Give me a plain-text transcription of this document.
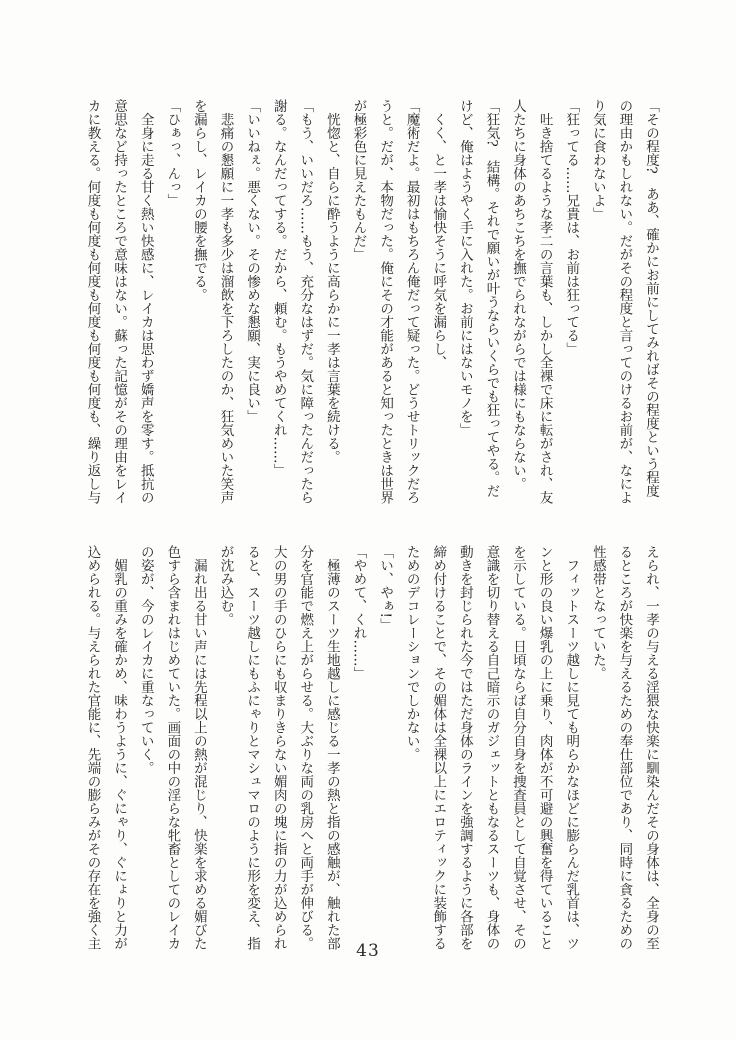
「その程度?　ああ、確かにお前にしてみればその程度という程度

の理由かもしれない。だがその程度と言ってのけるお前が、なによ

り気に食わないよ」

「狂ってる……兄貴は、お前は狂ってる」

　吐き捨てるような孝二の言葉も、しかし全裸で床に転がされ、友

人たちに身体のあちこちを撫でられながらでは様にもならない。

「狂気?　結構。それで願いが叶うならいくらでも狂ってやる。だ

けど、俺はようやく手に入れた。お前にはないモノを」

　くく、と一孝は愉快そうに呼気を漏らし、

「魔術だよ。最初はもちろん俺だって疑った。どうせトリックだろ

うと。だが、本物だった。俺にその才能があると知ったときは世界

が極彩色に見えたもんだ」

　恍惚と、自らに酔うように高らかに一孝は言葉を続ける。

「もう、いいだろ……もう、充分なはずだ。気に障ったんだったら

謝る。なんだってする。だから、頼む。もうやめてくれ……」

「いいねぇ。悪くない。その惨めな懇願、実に良い」

　悲痛の懇願に一孝も多少は溜飲を下ろしたのか、狂気めいた笑声

を漏らし、レイカの腰を撫でる。

「ひぁっ、んっ」

　全身に走る甘く熱い快感に、レイカは思わず嬌声を零す。抵抗の

意思など持ったところで意味はない。蘇った記憶がその理由をレイ

カに教える。何度も何度も何度も何度も何度も何度も、繰り返し与

えられ、一孝の与える淫猥な快楽に馴染んだその身体は、全身の至

るところが快楽を与えるための奉仕部位であり、同時に貪るための

性感帯となっていた。

　フィットスーツ越しに見ても明らかなほどに膨らんだ乳首は、ツ

ンと形の良い爆乳の上に乗り、肉体が不可避の興奮を得ていること

を示している。日頃ならば自分自身を捜査員として自覚させ、その

意識を切り替える自己暗示のガジェットともなるスーツも、身体の

動きを封じられた今ではただ身体のラインを強調するように各部を

締め付けることで、その媚体は全裸以上にエロティックに装飾する

ためのデコレーションでしかない。

「い、やぁ!」

「やめて、くれ……」

　極薄のスーツ生地越しに感じる一孝の熱と指の感触が、触れた部

分を官能で燃え上がらせる。大ぶりな両の乳房へと両手が伸びる。

大の男の手のひらにも収まりきらない媚肉の塊に指の力が込められ

ると、スーツ越しにもふにゃりとマシュマロのように形を変え、指

が沈み込む。

　漏れ出る甘い声には先程以上の熱が混じり、快楽を求める媚びた

色すら含まれはじめていた。画面の中の淫らな牝畜としてのレイカ

の姿が、今のレイカに重なっていく。

　媚乳の重みを確かめ、味わうように、ぐにゃり、ぐにょりと力が

込められる。与えられた官能に、先端の膨らみがその存在を強く主

43
